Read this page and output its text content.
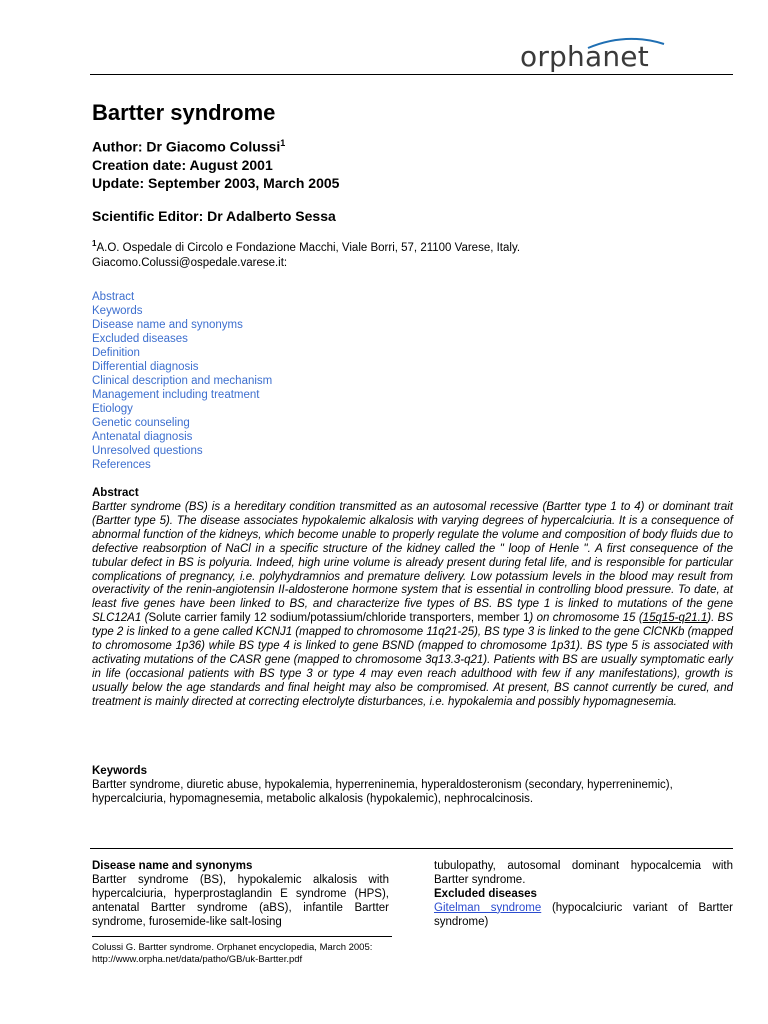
orphanet
Bartter syndrome
Author: Dr Giacomo Colussi$^1$
Creation date: August 2001
Update: September 2003, March 2005
Scientific Editor: Dr Adalberto Sessa
$^1$A.O. Ospedale di Circolo e Fondazione Macchi, Viale Borri, 57, 21100 Varese, Italy.
Giacomo.Colussi@ospedale.varese.it:
Abstract
Keywords
Disease name and synonyms
Excluded diseases
Definition
Differential diagnosis
Clinical description and mechanism
Management including treatment
Etiology
Genetic counseling
Antenatal diagnosis
Unresolved questions
References
Abstract
Bartter syndrome (BS) is a hereditary condition transmitted as an autosomal recessive (Bartter type 1 to 4) or dominant trait (Bartter type 5). The disease associates hypokalemic alkalosis with varying degrees of hypercalciuria. It is a consequence of abnormal function of the kidneys, which become unable to properly regulate the volume and composition of body fluids due to defective reabsorption of NaCl in a specific structure of the kidney called the " loop of Henle ". A first consequence of the tubular defect in BS is polyuria. Indeed, high urine volume is already present during fetal life, and is responsible for particular complications of pregnancy, i.e. polyhydramnios and premature delivery. Low potassium levels in the blood may result from overactivity of the renin-angiotensin II-aldosterone hormone system that is essential in controlling blood pressure. To date, at least five genes have been linked to BS, and characterize five types of BS. BS type 1 is linked to mutations of the gene SLC12A1 (Solute carrier family 12 sodium/potassium/chloride transporters, member 1) on chromosome 15 (15q15-q21.1). BS type 2 is linked to a gene called KCNJ1 (mapped to chromosome 11q21-25), BS type 3 is linked to the gene ClCNKb (mapped to chromosome 1p36) while BS type 4 is linked to gene BSND (mapped to chromosome 1p31). BS type 5 is associated with activating mutations of the CASR gene (mapped to chromosome 3q13.3-q21). Patients with BS are usually symptomatic early in life (occasional patients with BS type 3 or type 4 may even reach adulthood with few if any manifestations), growth is usually below the age standards and final height may also be compromised. At present, BS cannot currently be cured, and treatment is mainly directed at correcting electrolyte disturbances, i.e. hypokalemia and possibly hypomagnesemia.
Keywords
Bartter syndrome, diuretic abuse, hypokalemia, hyperreninemia, hyperaldosteronism (secondary, hyperreninemic), hypercalciuria, hypomagnesemia, metabolic alkalosis (hypokalemic), nephrocalcinosis.
Disease name and synonyms
Bartter syndrome (BS), hypokalemic alkalosis with hypercalciuria, hyperprostaglandin E syndrome (HPS), antenatal Bartter syndrome (aBS), infantile Bartter syndrome, furosemide-like salt-losing
tubulopathy, autosomal dominant hypocalcemia with Bartter syndrome.
Excluded diseases
Gitelman syndrome (hypocalciuric variant of Bartter syndrome)
Colussi G. Bartter syndrome. Orphanet encyclopedia, March 2005:
http://www.orpha.net/data/patho/GB/uk-Bartter.pdf
